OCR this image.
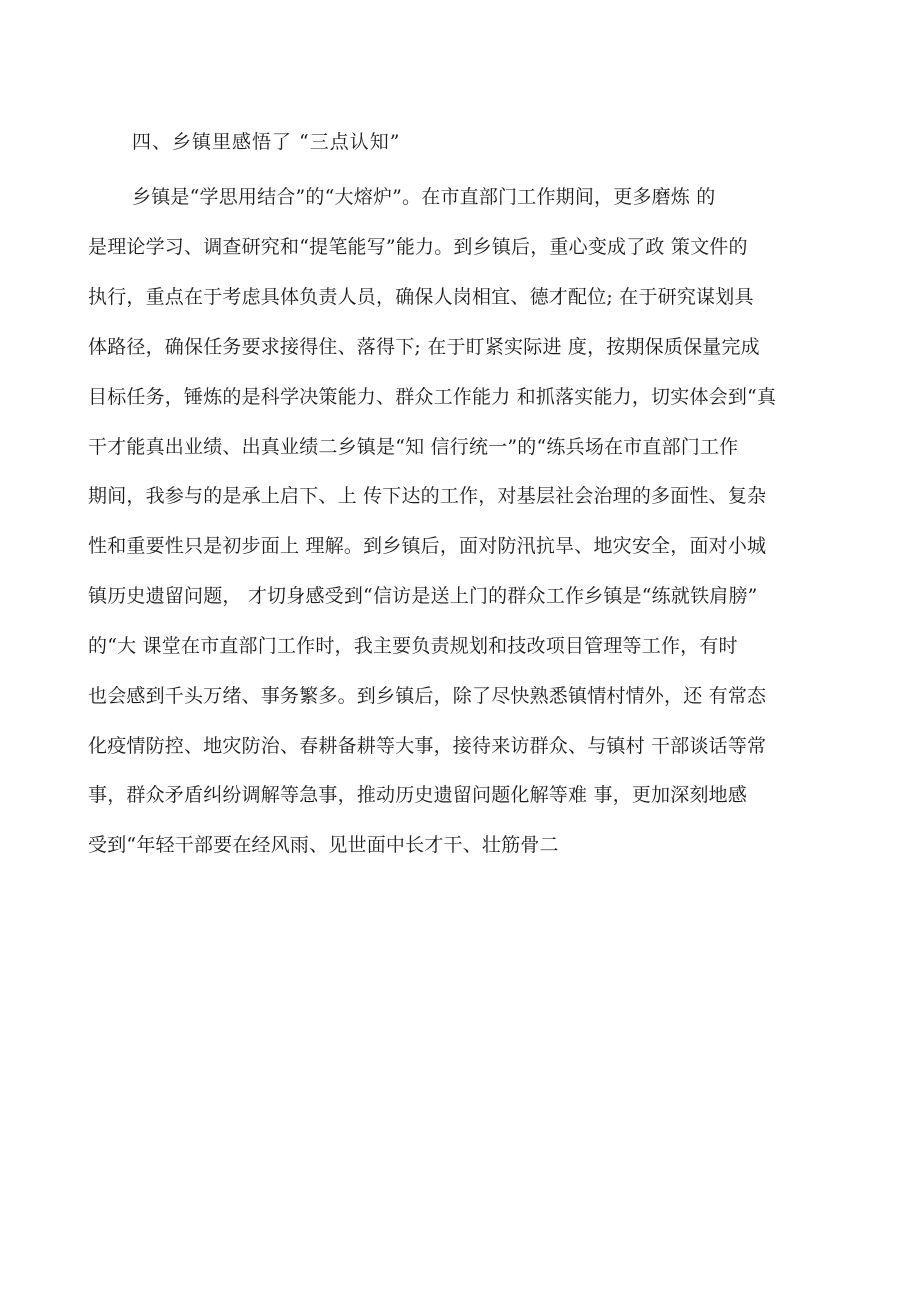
四、乡镇里感悟了 “三点认知”
乡镇是“学思用结合”的“大熔炉”。在市直部门工作期间，更多磨炼 的
是理论学习、调查研究和“提笔能写”能力。到乡镇后，重心变成了政 策文件的
执行，重点在于考虑具体负责人员，确保人岗相宜、德才配位; 在于研究谋划具
体路径，确保任务要求接得住、落得下; 在于盯紧实际进 度，按期保质保量完成
目标任务，锤炼的是科学决策能力、群众工作能力 和抓落实能力，切实体会到“真
干才能真出业绩、出真业绩二乡镇是“知 信行统一”的“练兵场在市直部门工作
期间，我参与的是承上启下、上 传下达的工作，对基层社会治理的多面性、复杂
性和重要性只是初步面上 理解。到乡镇后，面对防汛抗旱、地灾安全，面对小城
镇历史遗留问题， 才切身感受到“信访是送上门的群众工作乡镇是“练就铁肩膀”
的“大 课堂在市直部门工作时，我主要负责规划和技改项目管理等工作，有时
也会感到千头万绪、事务繁多。到乡镇后，除了尽快熟悉镇情村情外，还 有常态
化疫情防控、地灾防治、春耕备耕等大事，接待来访群众、与镇村 干部谈话等常
事，群众矛盾纠纷调解等急事，推动历史遗留问题化解等难 事，更加深刻地感
受到“年轻干部要在经风雨、见世面中长才干、壮筋骨二
